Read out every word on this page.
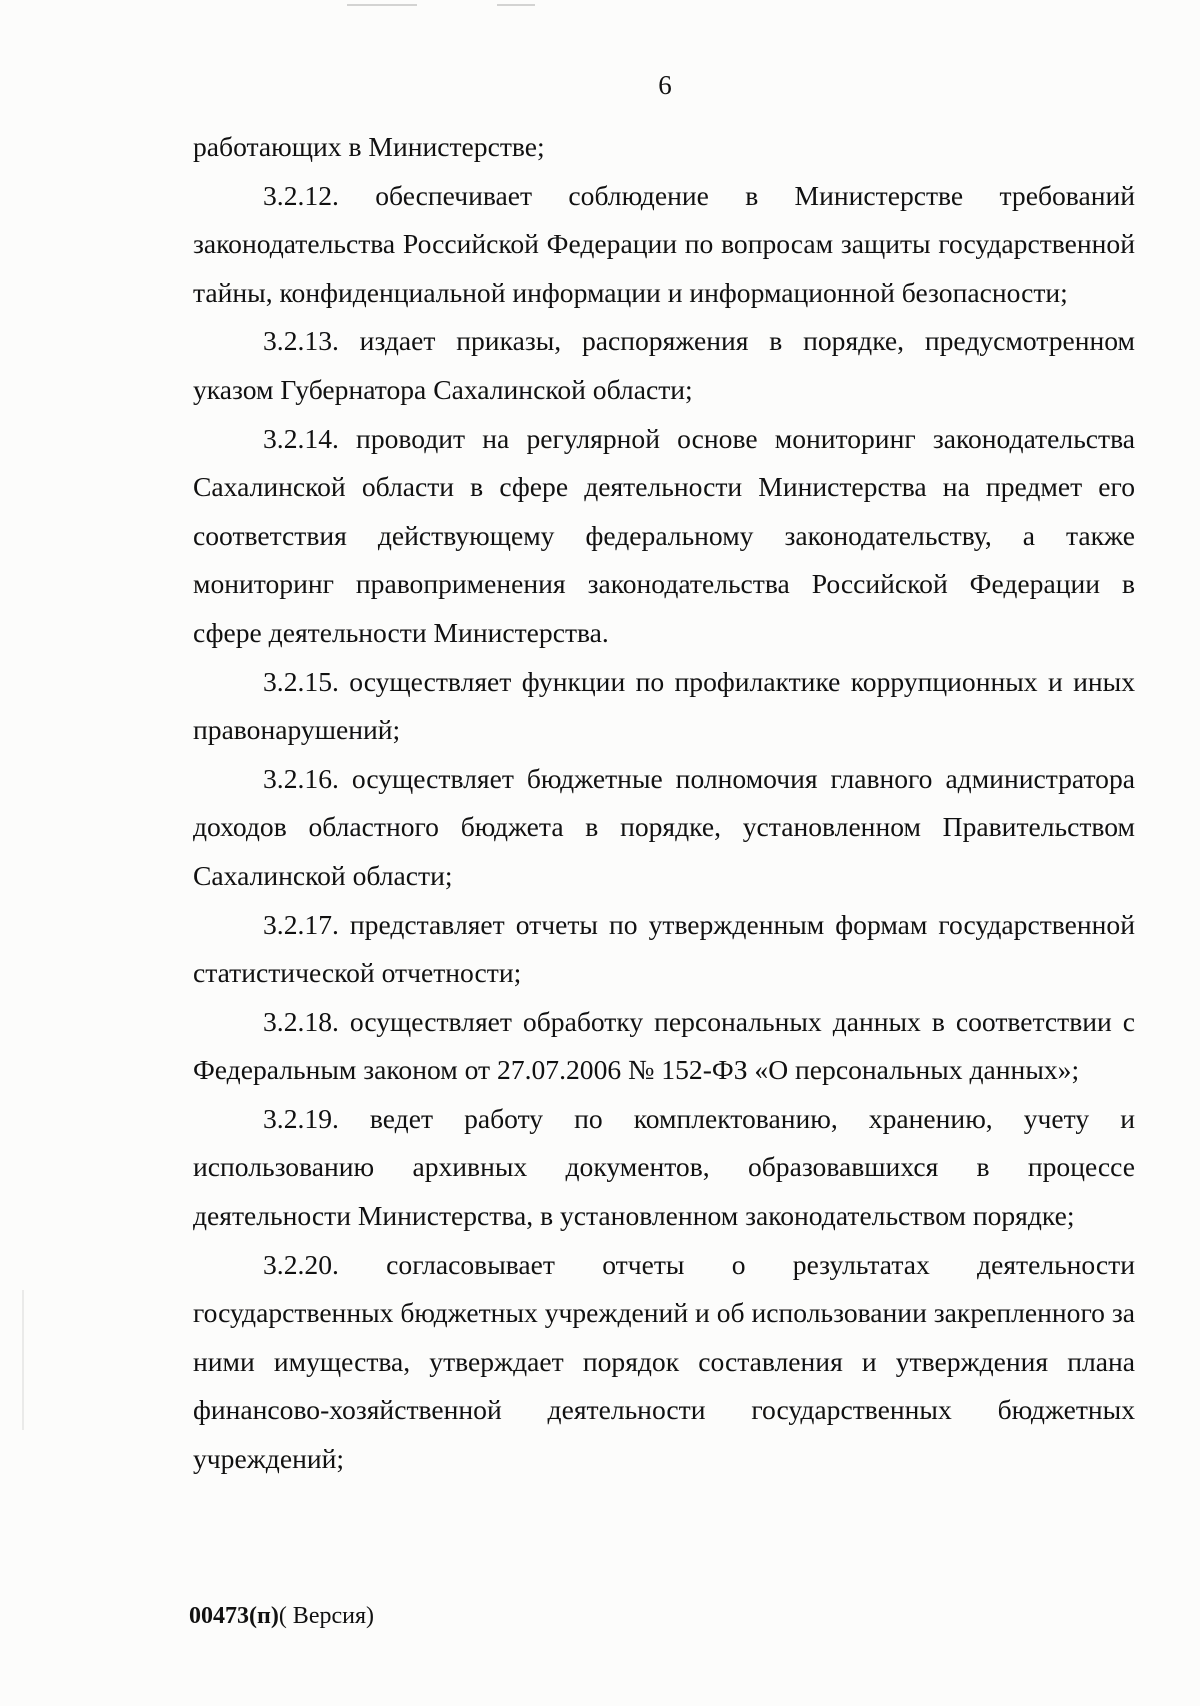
6

работающих в Министерстве;

3.2.12. обеспечивает соблюдение в Министерстве требований законодательства Российской Федерации по вопросам защиты государственной тайны, конфиденциальной информации и информационной безопасности;

3.2.13. издает приказы, распоряжения в порядке, предусмотренном указом Губернатора Сахалинской области;

3.2.14. проводит на регулярной основе мониторинг законодательства Сахалинской области в сфере деятельности Министерства на предмет его соответствия действующему федеральному законодательству, а также мониторинг правоприменения законодательства Российской Федерации в сфере деятельности Министерства.

3.2.15. осуществляет функции по профилактике коррупционных и иных правонарушений;

3.2.16. осуществляет бюджетные полномочия главного администратора доходов областного бюджета в порядке, установленном Правительством Сахалинской области;

3.2.17. представляет отчеты по утвержденным формам государственной статистической отчетности;

3.2.18. осуществляет обработку персональных данных в соответствии с Федеральным законом от 27.07.2006 № 152-ФЗ «О персональных данных»;

3.2.19. ведет работу по комплектованию, хранению, учету и использованию архивных документов, образовавшихся в процессе деятельности Министерства, в установленном законодательством порядке;

3.2.20. согласовывает отчеты о результатах деятельности государственных бюджетных учреждений и об использовании закрепленного за ними имущества, утверждает порядок составления и утверждения плана финансово-хозяйственной деятельности государственных бюджетных учреждений;

00473(п)( Версия)
